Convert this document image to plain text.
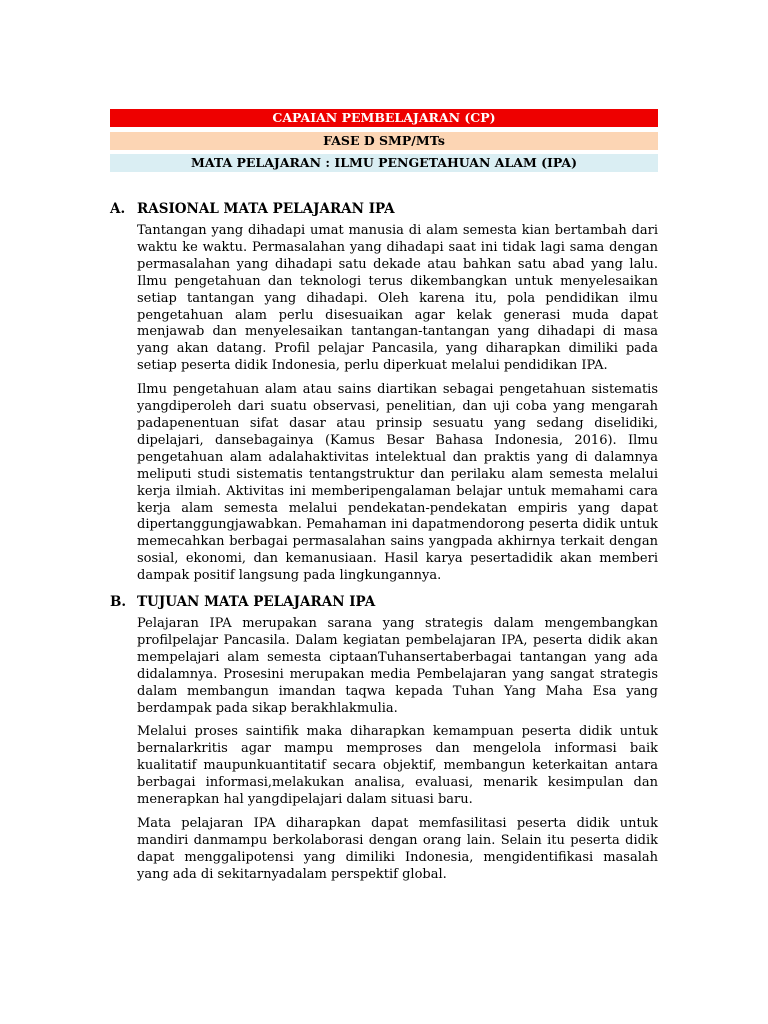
CAPAIAN PEMBELAJARAN (CP)
FASE D SMP/MTs
MATA PELAJARAN : ILMU PENGETAHUAN ALAM (IPA)
A. RASIONAL MATA PELAJARAN IPA

Tantangan yang dihadapi umat manusia di alam semesta kian bertambah dari waktu ke waktu. Permasalahan yang dihadapi saat ini tidak lagi sama dengan permasalahan yang dihadapi satu dekade atau bahkan satu abad yang lalu. Ilmu pengetahuan dan teknologi terus dikembangkan untuk menyelesaikan setiap tantangan yang dihadapi. Oleh karena itu, pola pendidikan ilmu pengetahuan alam perlu disesuaikan agar kelak generasi muda dapat menjawab dan menyelesaikan tantangan-tantangan yang dihadapi di masa yang akan datang. Profil pelajar Pancasila, yang diharapkan dimiliki pada setiap peserta didik Indonesia, perlu diperkuat melalui pendidikan IPA.

Ilmu pengetahuan alam atau sains diartikan sebagai pengetahuan sistematis yangdiperoleh dari suatu observasi, penelitian, dan uji coba yang mengarah padapenentuan sifat dasar atau prinsip sesuatu yang sedang diselidiki, dipelajari, dansebagainya (Kamus Besar Bahasa Indonesia, 2016). Ilmu pengetahuan alam adalahaktivitas intelektual dan praktis yang di dalamnya meliputi studi sistematis tentangstruktur dan perilaku alam semesta melalui kerja ilmiah. Aktivitas ini memberipengalaman belajar untuk memahami cara kerja alam semesta melalui pendekatan-pendekatan empiris yang dapat dipertanggungjawabkan. Pemahaman ini dapatmendorong peserta didik untuk memecahkan berbagai permasalahan sains yangpada akhirnya terkait dengan sosial, ekonomi, dan kemanusiaan. Hasil karya pesertadidik akan memberi dampak positif langsung pada lingkungannya.

B. TUJUAN MATA PELAJARAN IPA

Pelajaran IPA merupakan sarana yang strategis dalam mengembangkan profilpelajar Pancasila. Dalam kegiatan pembelajaran IPA, peserta didik akan mempelajari alam semesta ciptaanTuhansertaberbagai tantangan yang ada didalamnya. Prosesini merupakan media Pembelajaran yang sangat strategis dalam membangun imandan taqwa kepada Tuhan Yang Maha Esa yang berdampak pada sikap berakhlakmulia.

Melalui proses saintifik maka diharapkan kemampuan peserta didik untuk bernalarkritis agar mampu memproses dan mengelola informasi baik kualitatif maupunkuantitatif secara objektif, membangun keterkaitan antara berbagai informasi,melakukan analisa, evaluasi, menarik kesimpulan dan menerapkan hal yangdipelajari dalam situasi baru.

Mata pelajaran IPA diharapkan dapat memfasilitasi peserta didik untuk mandiri danmampu berkolaborasi dengan orang lain. Selain itu peserta didik dapat menggalipotensi yang dimiliki Indonesia, mengidentifikasi masalah yang ada di sekitarnyadalam perspektif global.
